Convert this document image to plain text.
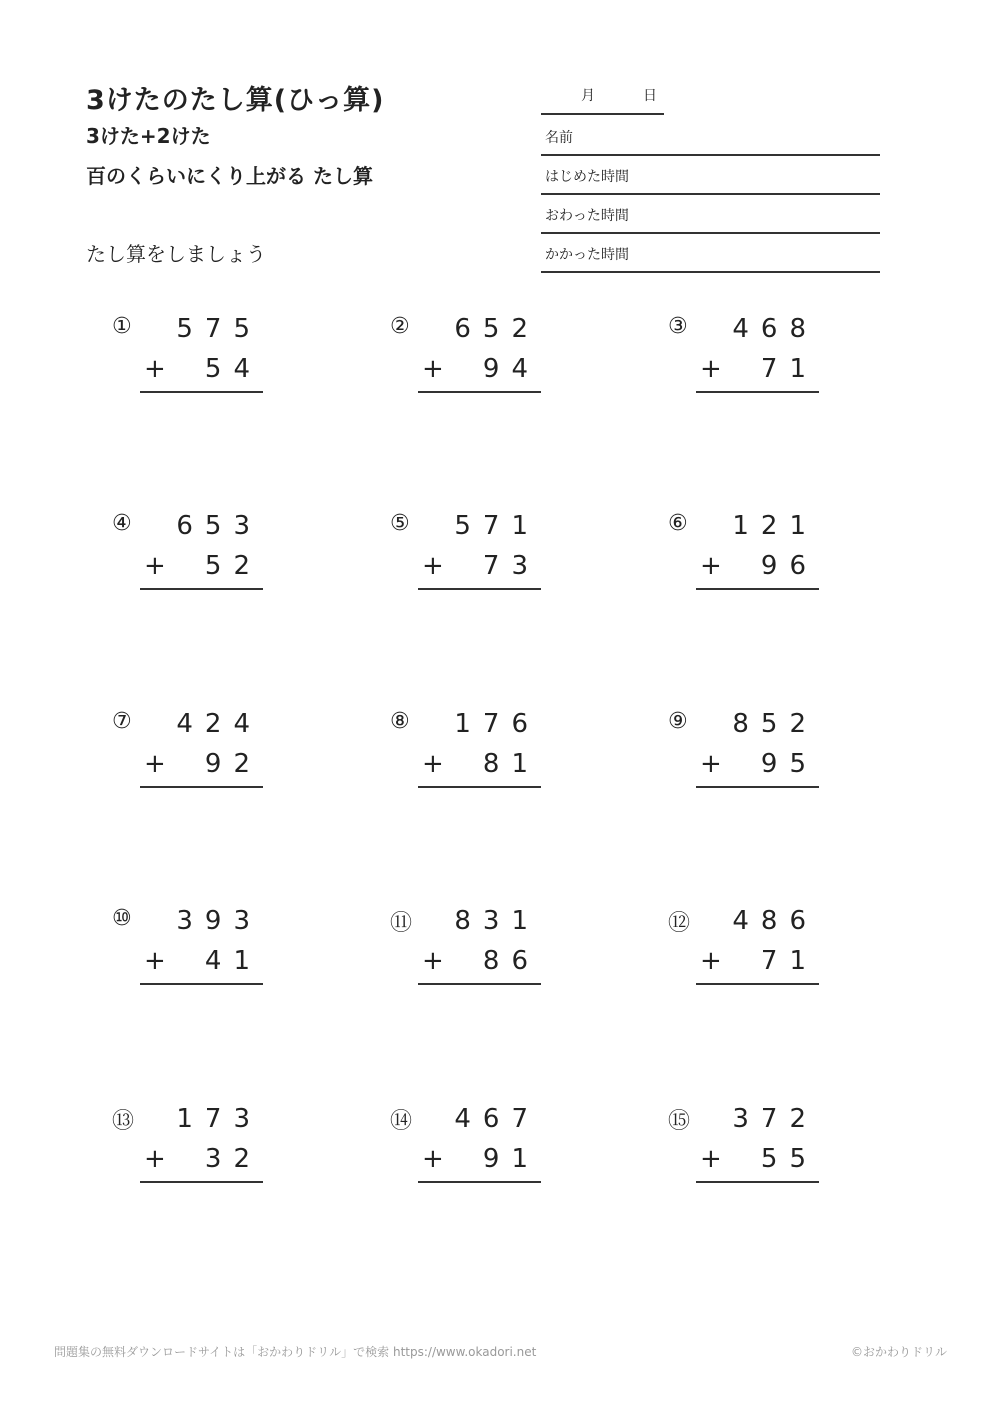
3けたのたし算(ひっ算)
3けた+2けた
百のくらいにくり上がる たし算
たし算をしましょう
月	日
名前
はじめた時間
おわった時間
かかった時間
①	575
+	54
②	652
+	94
③	468
+	71
④	653
+	52
⑤	571
+	73
⑥	121
+	96
⑦	424
+	92
⑧	176
+	81
⑨	852
+	95
⑩	393
+	41
⑪	831
+	86
⑫	486
+	71
⑬	173
+	32
⑭	467
+	91
⑮	372
+	55
問題集の無料ダウンロードサイトは「おかわりドリル」で検索 https://www.okadori.net	©おかわりドリル
